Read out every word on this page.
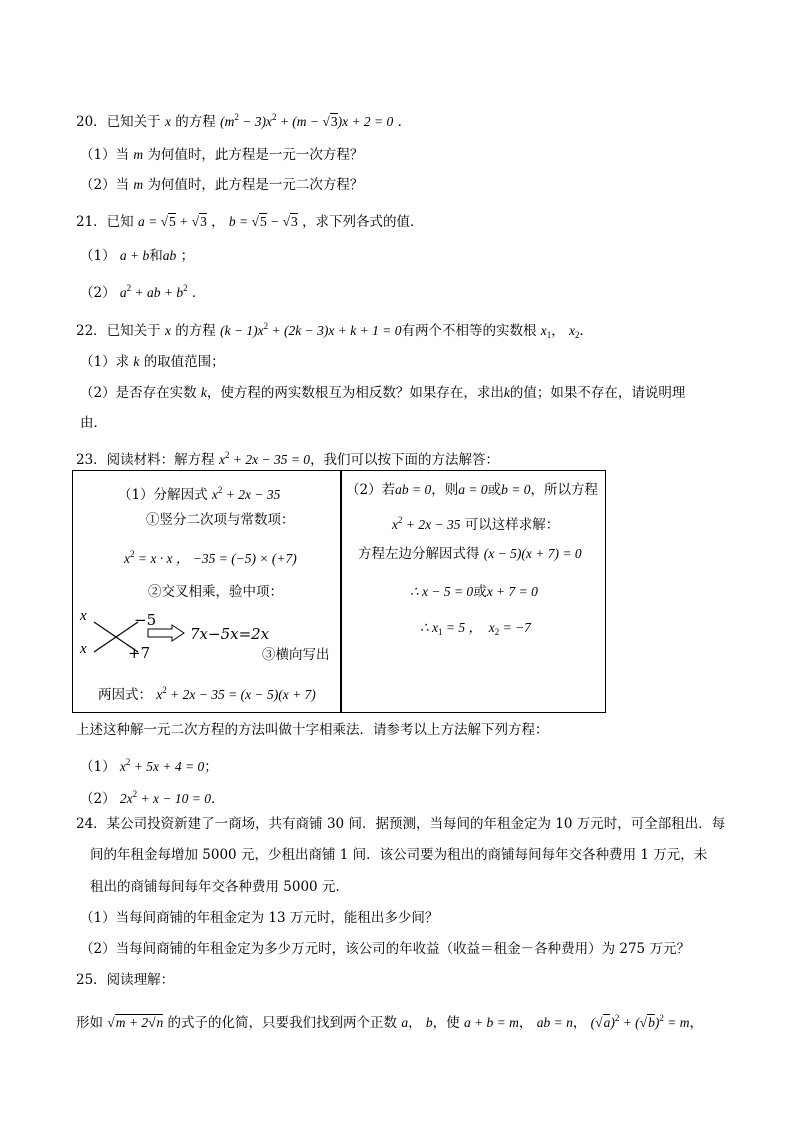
20．已知关于 x 的方程 $(m^2 - 3)x^2 + (m - √3)x + 2 = 0$ ．
（1）当 m 为何值时，此方程是一元一次方程？
（2）当 m 为何值时，此方程是一元二次方程？
21．已知 a = √5 + √3 ， b = √5 − √3 ，求下列各式的值．
（1） a + b和ab ；
（2） $a^2$ + ab + $b^2$ ．
22．已知关于 x 的方程 $(k - 1)x^2 + (2k - 3)x + k + 1 = 0$有两个不相等的实数根 $x_1$， $x_2$．
（1）求 k 的取值范围；
（2）是否存在实数 k，使方程的两实数根互为相反数？如果存在，求出k的值；如果不存在，请说明理
由．
23．阅读材料：解方程 $x^2 + 2x - 35 = 0$，我们可以按下面的方法解答：
（1）分解因式 $x^2 + 2x - 35$
①竖分二次项与常数项：
$x^2 = x \cdot x$ ， −35 = (−5) × (+7)
②交叉相乘，验中项：
x
x
−5
+7
7x−5x=2x
③横向写出
两因式： $x^2 + 2x - 35 = (x - 5)(x + 7)$
（2）若ab = 0，则a = 0或b = 0，所以方程
$x^2 + 2x - 35$ 可以这样求解：
方程左边分解因式得 (x − 5)(x + 7) = 0
∴ x − 5 = 0或x + 7 = 0
∴ $x_1 = 5$ ，  $x_2 = -7$
上述这种解一元二次方程的方法叫做十字相乘法．请参考以上方法解下列方程：
（1） $x^2 + 5x + 4 = 0$；
（2） $2x^2 + x - 10 = 0$．
24．某公司投资新建了一商场，共有商铺 30 间．据预测，当每间的年租金定为 10 万元时，可全部租出．每
间的年租金每增加 5000 元，少租出商铺 1 间．该公司要为租出的商铺每间每年交各种费用 1 万元，未
租出的商铺每间每年交各种费用 5000 元．
（1）当每间商铺的年租金定为 13 万元时，能租出多少间？
（2）当每间商铺的年租金定为多少万元时，该公司的年收益（收益＝租金－各种费用）为 275 万元？
25．阅读理解：
形如 √m + 2√n 的式子的化简，只要我们找到两个正数 a， b，使 a + b = m， ab = n， $(√a)^2 + (√b)^2 = m$，
